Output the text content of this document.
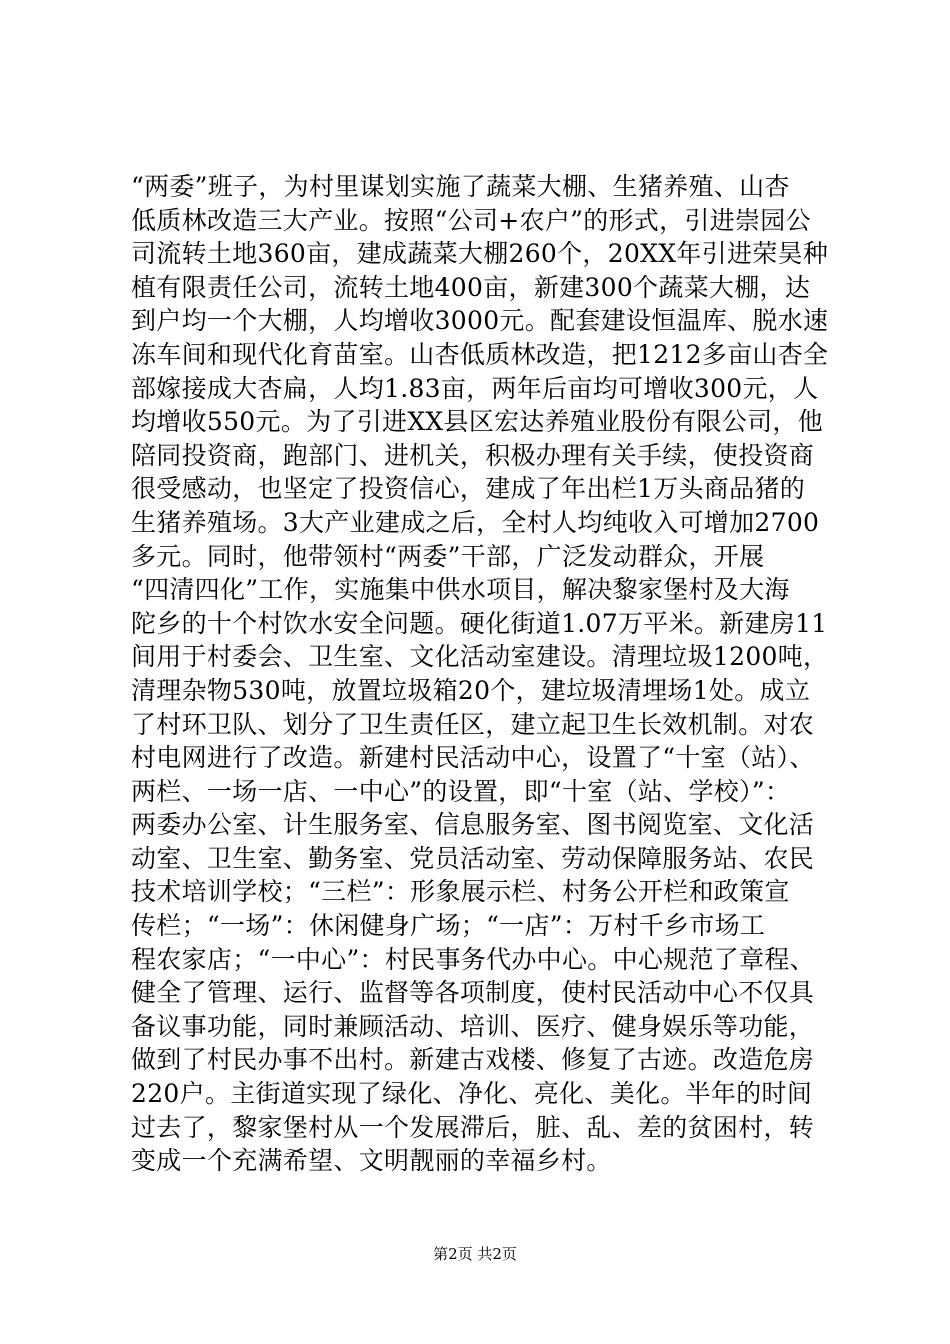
“两委”班子，为村里谋划实施了蔬菜大棚、生猪养殖、山杏
低质林改造三大产业。按照“公司+农户”的形式，引进崇园公
司流转土地360亩，建成蔬菜大棚260个，20XX年引进荣昊种
植有限责任公司，流转土地400亩，新建300个蔬菜大棚，达
到户均一个大棚，人均增收3000元。配套建设恒温库、脱水速
冻车间和现代化育苗室。山杏低质林改造，把1212多亩山杏全
部嫁接成大杏扁，人均1.83亩，两年后亩均可增收300元，人
均增收550元。为了引进XX县区宏达养殖业股份有限公司，他
陪同投资商，跑部门、进机关，积极办理有关手续，使投资商
很受感动，也坚定了投资信心，建成了年出栏1万头商品猪的
生猪养殖场。3大产业建成之后，全村人均纯收入可增加2700
多元。同时，他带领村“两委”干部，广泛发动群众，开展
“四清四化”工作，实施集中供水项目，解决黎家堡村及大海
陀乡的十个村饮水安全问题。硬化街道1.07万平米。新建房11
间用于村委会、卫生室、文化活动室建设。清理垃圾1200吨，
清理杂物530吨，放置垃圾箱20个，建垃圾清埋场1处。成立
了村环卫队、划分了卫生责任区，建立起卫生长效机制。对农
村电网进行了改造。新建村民活动中心，设置了“十室（站）、
两栏、一场一店、一中心”的设置，即“十室（站、学校）”：
两委办公室、计生服务室、信息服务室、图书阅览室、文化活
动室、卫生室、勤务室、党员活动室、劳动保障服务站、农民
技术培训学校；“三栏”：形象展示栏、村务公开栏和政策宣
传栏；“一场”：休闲健身广场；“一店”：万村千乡市场工
程农家店；“一中心”：村民事务代办中心。中心规范了章程、
健全了管理、运行、监督等各项制度，使村民活动中心不仅具
备议事功能，同时兼顾活动、培训、医疗、健身娱乐等功能，
做到了村民办事不出村。新建古戏楼、修复了古迹。改造危房
220户。主街道实现了绿化、净化、亮化、美化。半年的时间
过去了，黎家堡村从一个发展滞后，脏、乱、差的贫困村，转
变成一个充满希望、文明靓丽的幸福乡村。
第2页 共2页
